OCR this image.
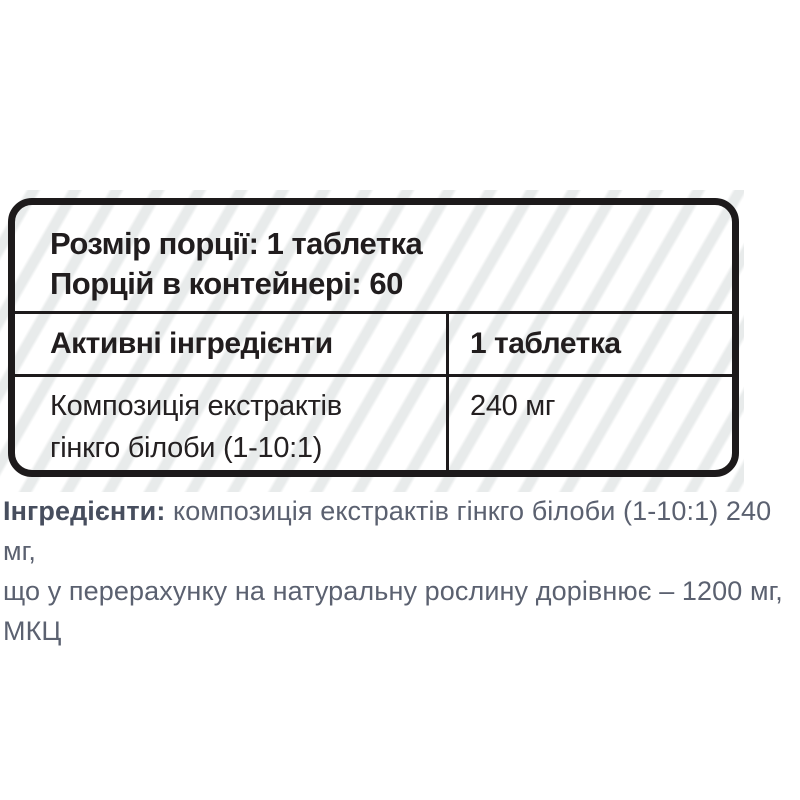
Розмір порції: 1 таблетка
Порцій в контейнері: 60
Активні інгредієнти	1 таблетка
Композиція екстрактів
гінкго білоби (1-10:1)
240 мг
Інгредієнти: композиція екстрактів гінкго білоби (1-10:1) 240 мг,
що у перерахунку на натуральну рослину дорівнює – 1200 мг,
МКЦ
